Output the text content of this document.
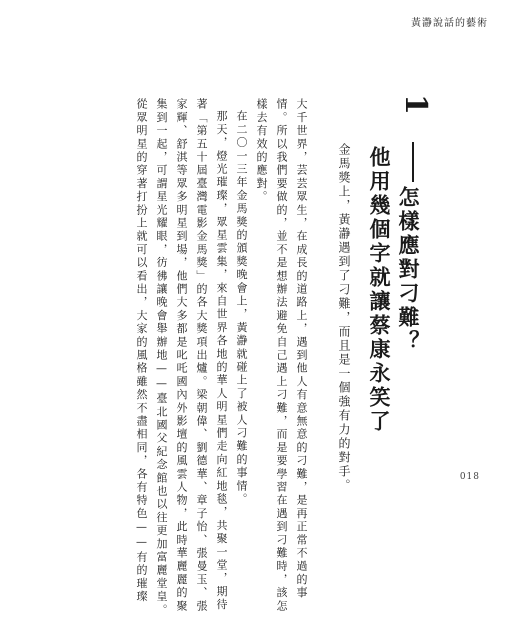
黃瀞說話的藝術
1
怎樣應對刁難？
他用幾個字就讓蔡康永笑了
金馬獎上，黃瀞遇到了刁難，而且是一個強有力的對手。
大千世界，芸芸眾生，在成長的道路上，遇到他人有意無意的刁難，是再正常不過的事
情。所以我們要做的，並不是想辦法避免自己遇上刁難，而是要學習在遇到刁難時，該怎
樣去有效的應對。
在二〇一三年金馬獎的頒獎晚會上，黃瀞就碰上了被人刁難的事情。
那天，燈光璀璨，眾星雲集，來自世界各地的華人明星們走向紅地毯，共聚一堂，期待
著「第五十屆臺灣電影金馬獎」的各大獎項出爐。梁朝偉、劉德華、章子怡、張曼玉、張
家輝、舒淇等眾多明星到場，他們大多都是叱吒國內外影壇的風雲人物，此時華麗麗的聚
集到一起，可謂星光耀眼，彷彿讓晚會舉辦地——臺北國父紀念館也以往更加富麗堂皇。
從眾明星的穿著打扮上就可以看出，大家的風格雖然不盡相同，各有特色——有的璀璨	018
